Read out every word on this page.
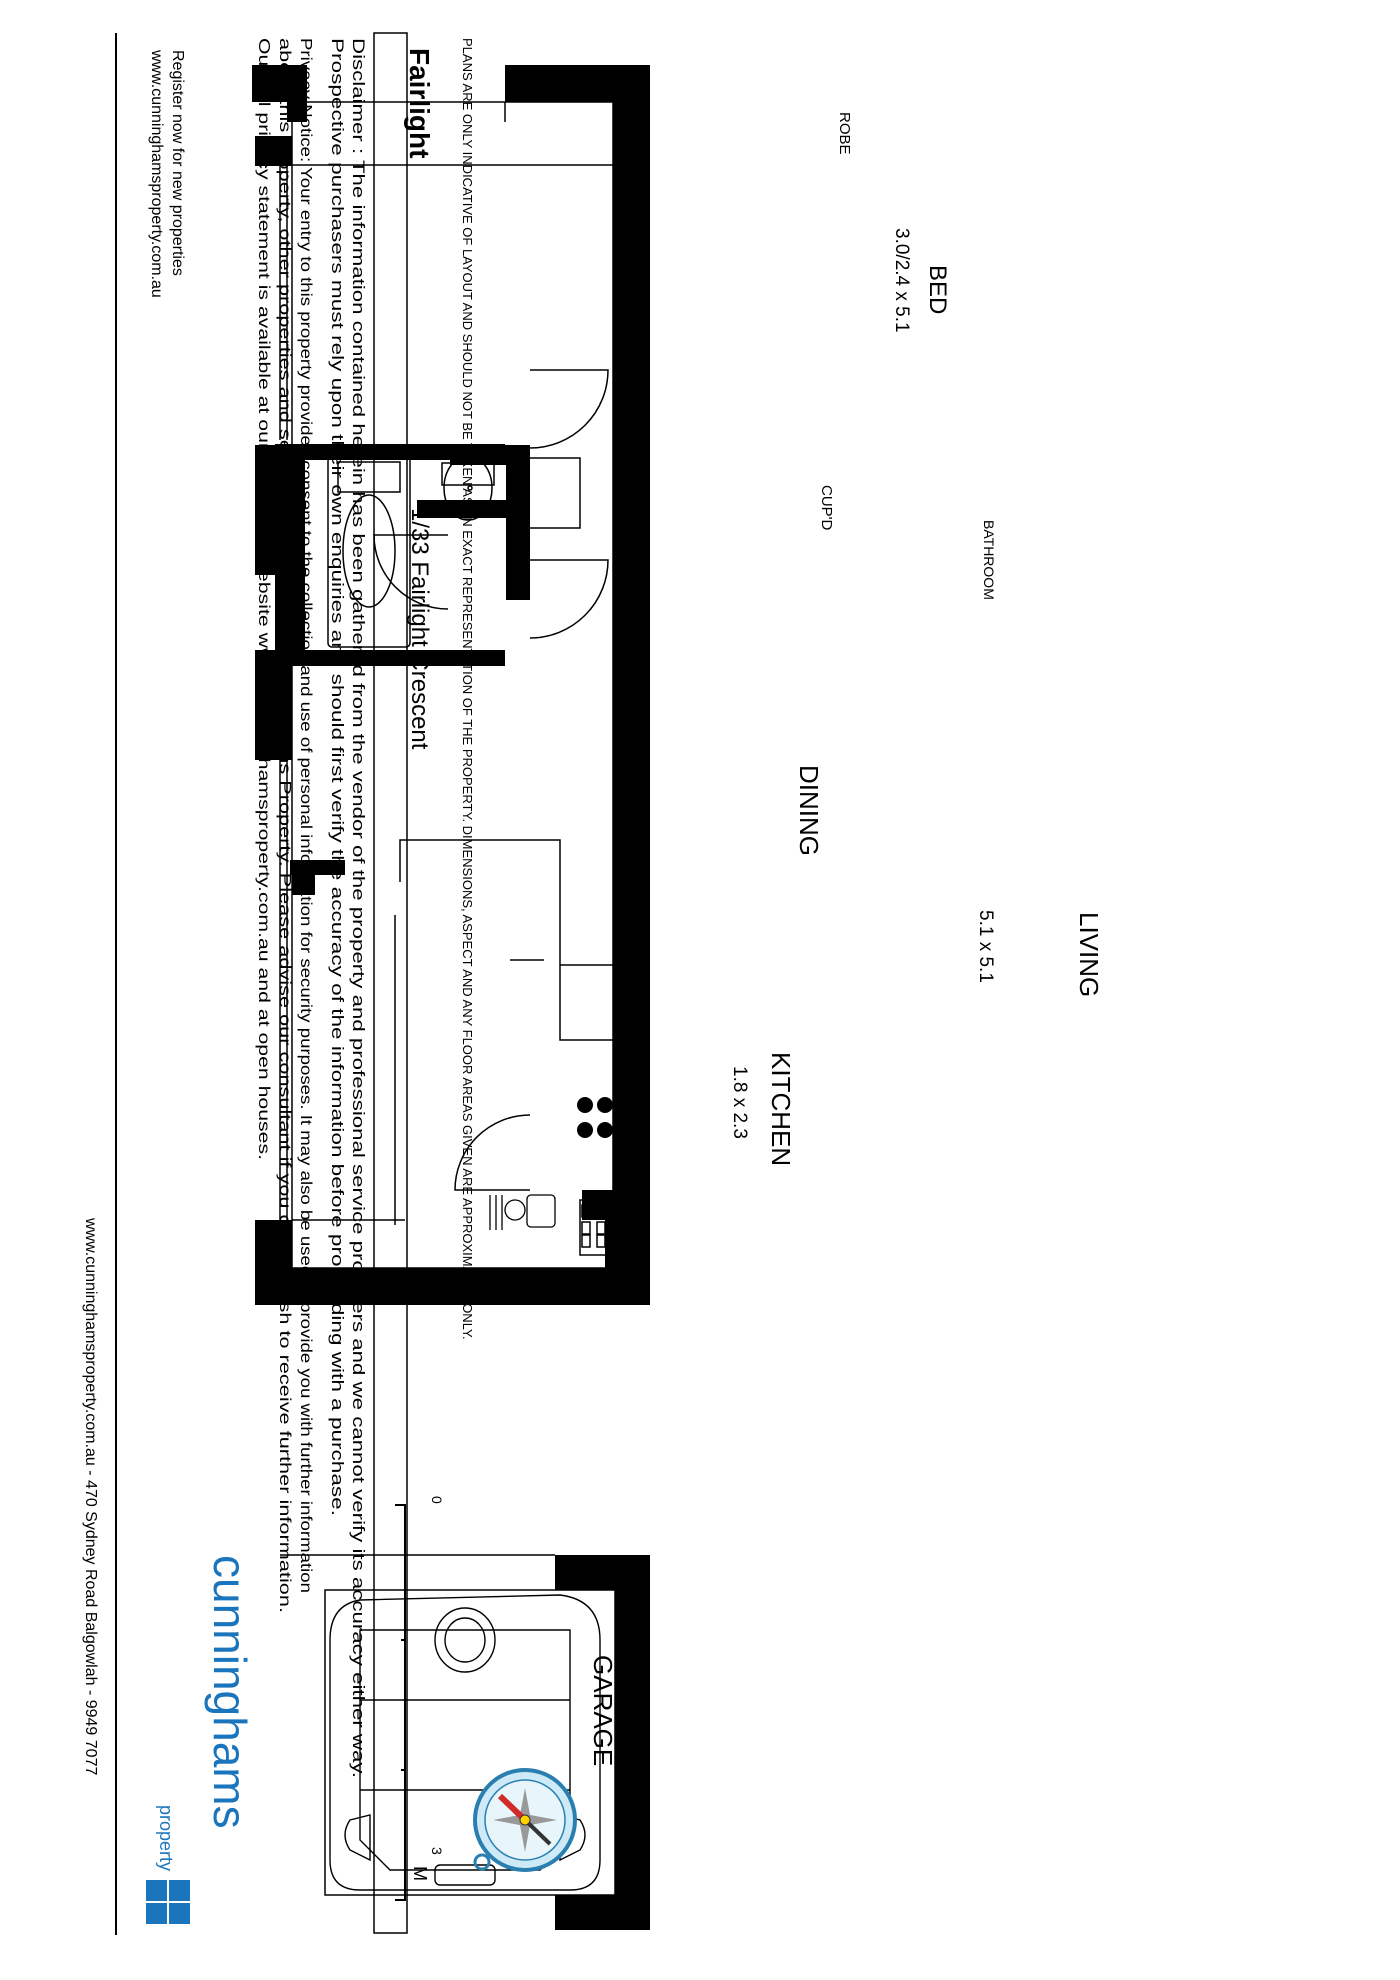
PLANS ARE ONLY INDICATIVE OF LAYOUT AND SHOULD NOT BE TAKEN AS AN EXACT REPRESENTATION OF THE PROPERTY. DIMENSIONS, ASPECT AND ANY FLOOR AREAS GIVEN ARE APPROXIMATES ONLY.	ROBE
BED
3.0/2.4 x 5.1
CUP'D
BATHROOM
DINING
LIVING
5.1 x 5.1
KITCHEN
1.8 x 2.3
GARAGE
Fairlight
1/33 Fairlight Crescent
0
3
M
Disclaimer : The information contained herein has been gathered from the vendor of the property and professional service providers and we cannot verify its accuracy either way.
Prospective purchasers must rely upon their own enquiries and should first verify the accuracy of the information before proceeding with a purchase.
Privacy Notice: Your entry to this property provides consent to the collection and use of personal information for security purposes. It may also be used to provide you with further information
about this property, other properties and services marketed by Cunninghams Property. Please advise our consultant if you do not wish to receive further information.
Our full privacy statement is available at our office, our website www.cunninghamsproperty.com.au and at open houses.
Register now for new properties
www.cunninghamsproperty.com.au
cunninghams
property
www.cunninghamsproperty.com.au - 470 Sydney Road Balgowlah - 9949 7077
